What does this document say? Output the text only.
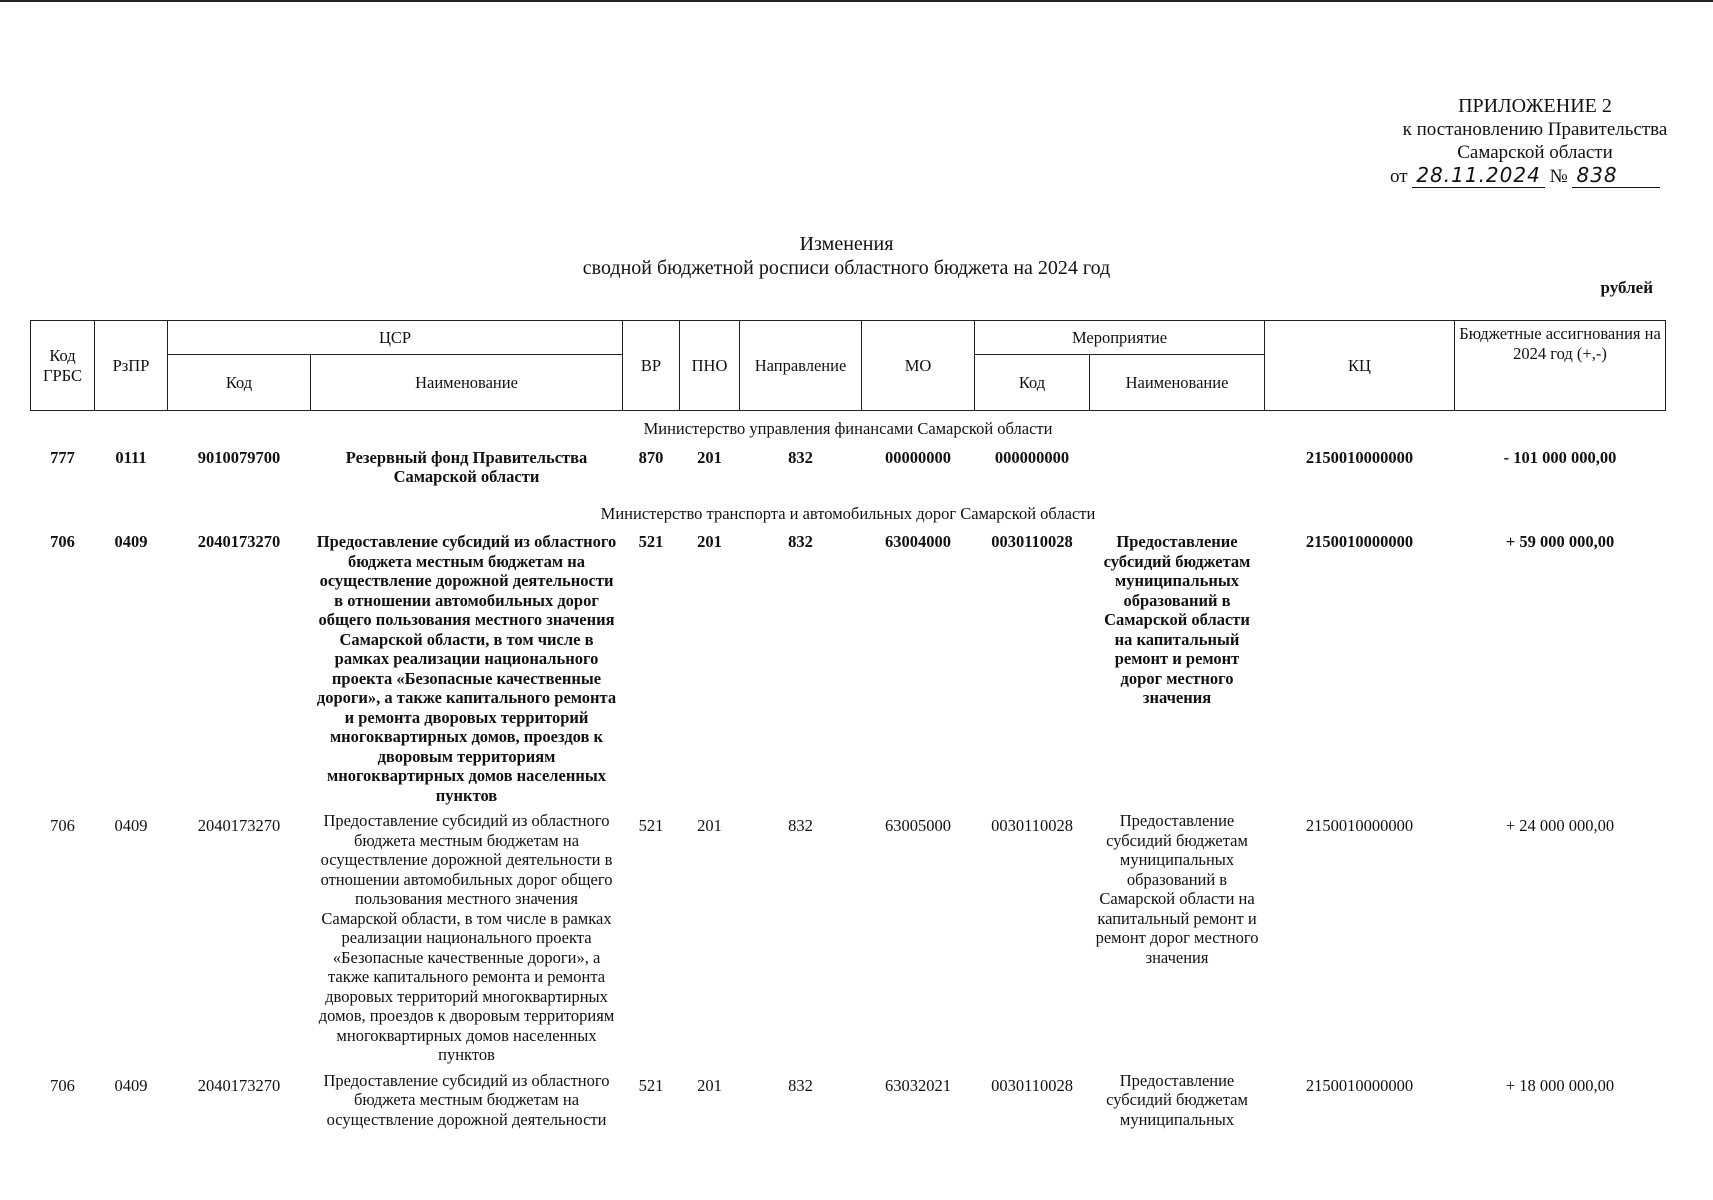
ПРИЛОЖЕНИЕ 2
к постановлению Правительства
Самарской области
от 28.11.2024 № 838
Изменения
сводной бюджетной росписи областного бюджета на 2024 год
рублей
Код ГРБС	РзПР	ЦСР		ВР	ПНО	Направление	МО	Мероприятие		КЦ	Бюджетные ассигнования на 2024 год (+,-)
		Код	Наименование					Код	Наименование		
Министерство управления финансами Самарской области											
777	0111	9010079700	Резервный фонд Правительства Самарской области	870	201	832	00000000	000000000		2150010000000	- 101 000 000,00
Министерство транспорта и автомобильных дорог Самарской области											
706	0409	2040173270	Предоставление субсидий из областного бюджета местным бюджетам на осуществление дорожной деятельности в отношении автомобильных дорог общего пользования местного значения Самарской области, в том числе в рамках реализации национального проекта «Безопасные качественные дороги», а также капитального ремонта и ремонта дворовых территорий многоквартирных домов, проездов к дворовым территориям многоквартирных домов населенных пунктов	521	201	832	63004000	0030110028	Предоставление субсидий бюджетам муниципальных образований в Самарской области на капитальный ремонт и ремонт дорог местного значения	2150010000000	+ 59 000 000,00
706	0409	2040173270	Предоставление субсидий из областного бюджета местным бюджетам на осуществление дорожной деятельности в отношении автомобильных дорог общего пользования местного значения Самарской области, в том числе в рамках реализации национального проекта «Безопасные качественные дороги», а также капитального ремонта и ремонта дворовых территорий многоквартирных домов, проездов к дворовым территориям многоквартирных домов населенных пунктов	521	201	832	63005000	0030110028	Предоставление субсидий бюджетам муниципальных образований в Самарской области на капитальный ремонт и ремонт дорог местного значения	2150010000000	+ 24 000 000,00
706	0409	2040173270	Предоставление субсидий из областного бюджета местным бюджетам на осуществление дорожной деятельности	521	201	832	63032021	0030110028	Предоставление субсидий бюджетам муниципальных	2150010000000	+ 18 000 000,00
